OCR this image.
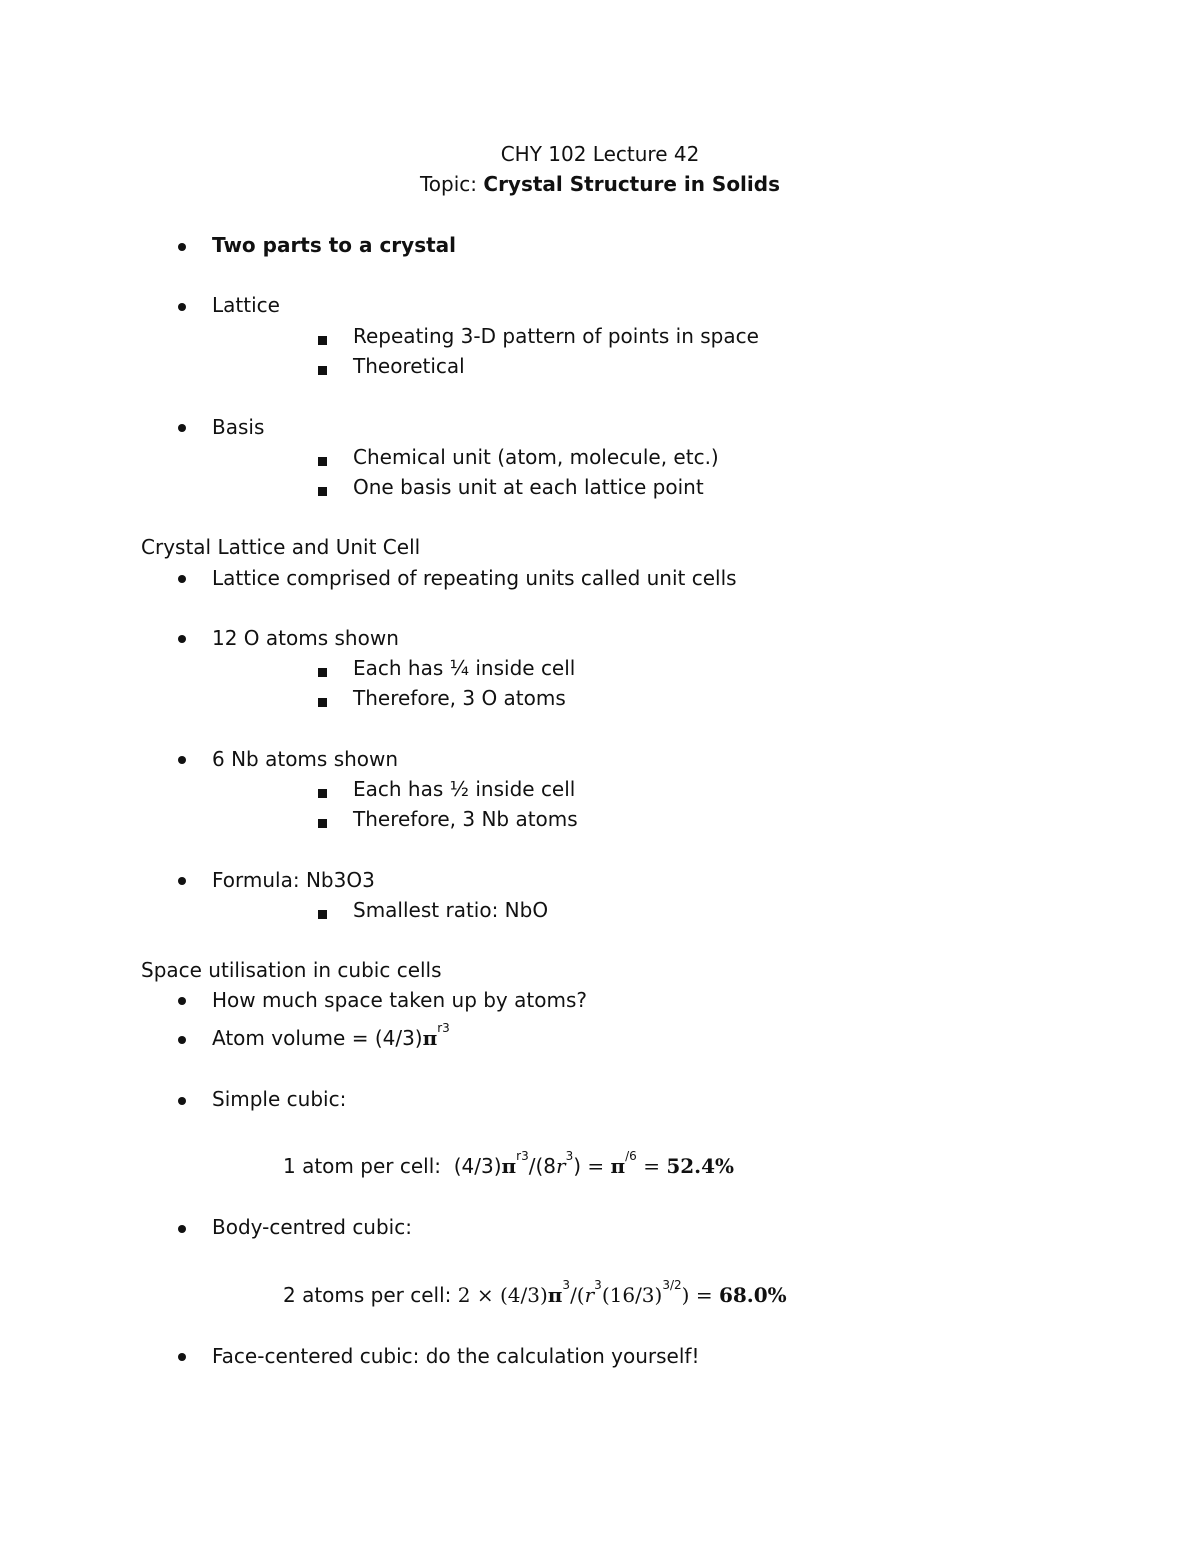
CHY 102 Lecture 42
Topic: Crystal Structure in Solids
Two parts to a crystal
Lattice
Repeating 3-D pattern of points in space
Theoretical
Basis
Chemical unit (atom, molecule, etc.)
One basis unit at each lattice point
Crystal Lattice and Unit Cell
Lattice comprised of repeating units called unit cells
12 O atoms shown
Each has ¼ inside cell
Therefore, 3 O atoms
6 Nb atoms shown
Each has ½ inside cell
Therefore, 3 Nb atoms
Formula: Nb3O3
Smallest ratio: NbO
Space utilisation in cubic cells
How much space taken up by atoms?
Atom volume = $(4/3)\pi^{r3}$
Simple cubic:
1 atom per cell:  $(4/3)\pi^{r3}/(8r^3) = \pi^{/6} = 52.4\%$
Body-centred cubic:
2 atoms per cell: $2 \times (4/3)\pi^3/(r^3(16/3)^{3/2}) = 68.0\%$
Face-centered cubic: do the calculation yourself!
